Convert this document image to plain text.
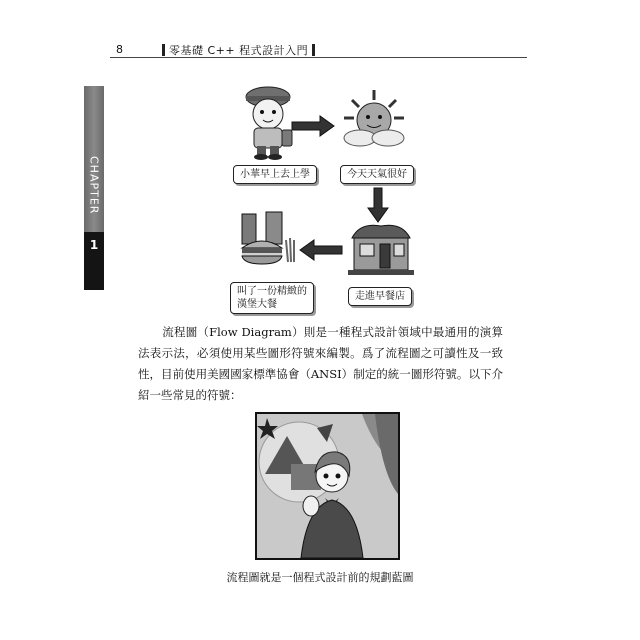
8	零基礎 C++ 程式設計入門
CHAPTER
1
小華早上去上學	今天天氣很好
叫了一份精緻的
漢堡大餐
走進早餐店
流程圖（Flow Diagram）則是一種程式設計領域中最通用的演算法表示法，必須使用某些圖形符號來編製。爲了流程圖之可讀性及一致性，目前使用美國國家標準協會（ANSI）制定的統一圖形符號。以下介紹一些常見的符號：
流程圖就是一個程式設計前的規劃藍圖
